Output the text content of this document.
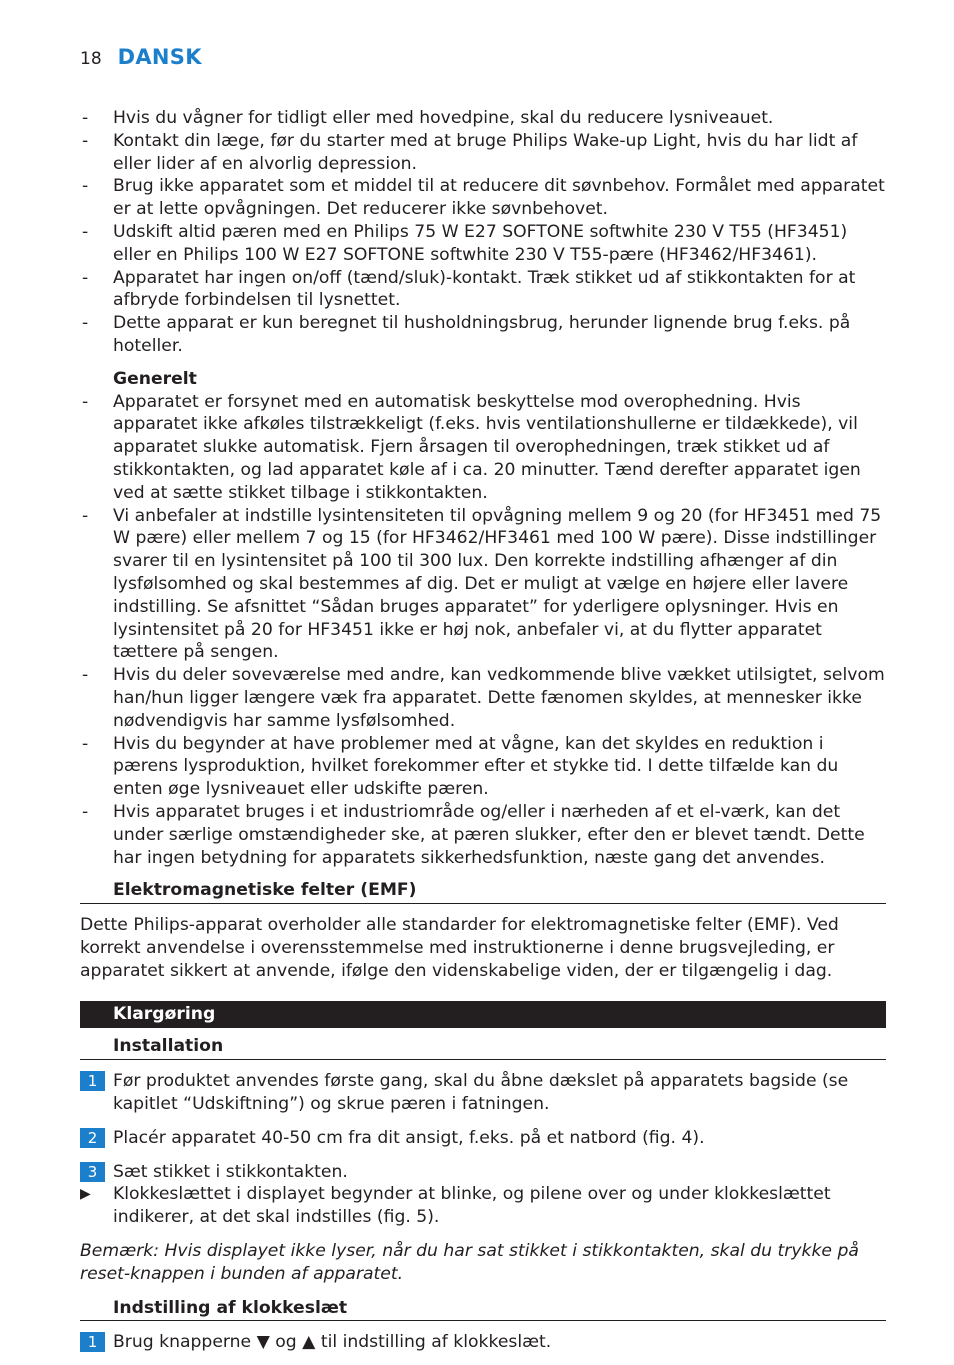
18 DANSK
- Hvis du vågner for tidligt eller med hovedpine, skal du reducere lysniveauet.
- Kontakt din læge, før du starter med at bruge Philips Wake-up Light, hvis du har lidt af eller lider af en alvorlig depression.
- Brug ikke apparatet som et middel til at reducere dit søvnbehov. Formålet med apparatet er at lette opvågningen. Det reducerer ikke søvnbehovet.
- Udskift altid pæren med en Philips 75 W E27 SOFTONE softwhite 230 V T55 (HF3451) eller en Philips 100 W E27 SOFTONE softwhite 230 V T55-pære (HF3462/HF3461).
- Apparatet har ingen on/off (tænd/sluk)-kontakt. Træk stikket ud af stikkontakten for at afbryde forbindelsen til lysnettet.
- Dette apparat er kun beregnet til husholdningsbrug, herunder lignende brug f.eks. på hoteller.
Generelt
- Apparatet er forsynet med en automatisk beskyttelse mod overophedning. Hvis apparatet ikke afkøles tilstrækkeligt (f.eks. hvis ventilationshullerne er tildækkede), vil apparatet slukke automatisk. Fjern årsagen til overophedningen, træk stikket ud af stikkontakten, og lad apparatet køle af i ca. 20 minutter. Tænd derefter apparatet igen ved at sætte stikket tilbage i stikkontakten.
- Vi anbefaler at indstille lysintensiteten til opvågning mellem 9 og 20 (for HF3451 med 75 W pære) eller mellem 7 og 15 (for HF3462/HF3461 med 100 W pære). Disse indstillinger svarer til en lysintensitet på 100 til 300 lux. Den korrekte indstilling afhænger af din lysfølsomhed og skal bestemmes af dig. Det er muligt at vælge en højere eller lavere indstilling. Se afsnittet “Sådan bruges apparatet” for yderligere oplysninger. Hvis en lysintensitet på 20 for HF3451 ikke er høj nok, anbefaler vi, at du flytter apparatet tættere på sengen.
- Hvis du deler soveværelse med andre, kan vedkommende blive vækket utilsigtet, selvom han/hun ligger længere væk fra apparatet. Dette fænomen skyldes, at mennesker ikke nødvendigvis har samme lysfølsomhed.
- Hvis du begynder at have problemer med at vågne, kan det skyldes en reduktion i pærens lysproduktion, hvilket forekommer efter et stykke tid. I dette tilfælde kan du enten øge lysniveauet eller udskifte pæren.
- Hvis apparatet bruges i et industriområde og/eller i nærheden af et el-værk, kan det under særlige omstændigheder ske, at pæren slukker, efter den er blevet tændt. Dette har ingen betydning for apparatets sikkerhedsfunktion, næste gang det anvendes.
Elektromagnetiske felter (EMF)

Dette Philips-apparat overholder alle standarder for elektromagnetiske felter (EMF). Ved korrekt anvendelse i overensstemmelse med instruktionerne i denne brugsvejleding, er apparatet sikkert at anvende, ifølge den videnskabelige viden, der er tilgængelig i dag.

Klargøring
Installation
1 Før produktet anvendes første gang, skal du åbne dækslet på apparatets bagside (se kapitlet “Udskiftning”) og skrue pæren i fatningen.
2 Placér apparatet 40-50 cm fra dit ansigt, f.eks. på et natbord (fig. 4).
3 Sæt stikket i stikkontakten.
▶ Klokkeslættet i displayet begynder at blinke, og pilene over og under klokkeslættet indikerer, at det skal indstilles (fig. 5).
Bemærk: Hvis displayet ikke lyser, når du har sat stikket i stikkontakten, skal du trykke på reset-knappen i bunden af apparatet.
Indstilling af klokkeslæt
1 Brug knapperne ▼ og ▲ til indstilling af klokkeslæt.
